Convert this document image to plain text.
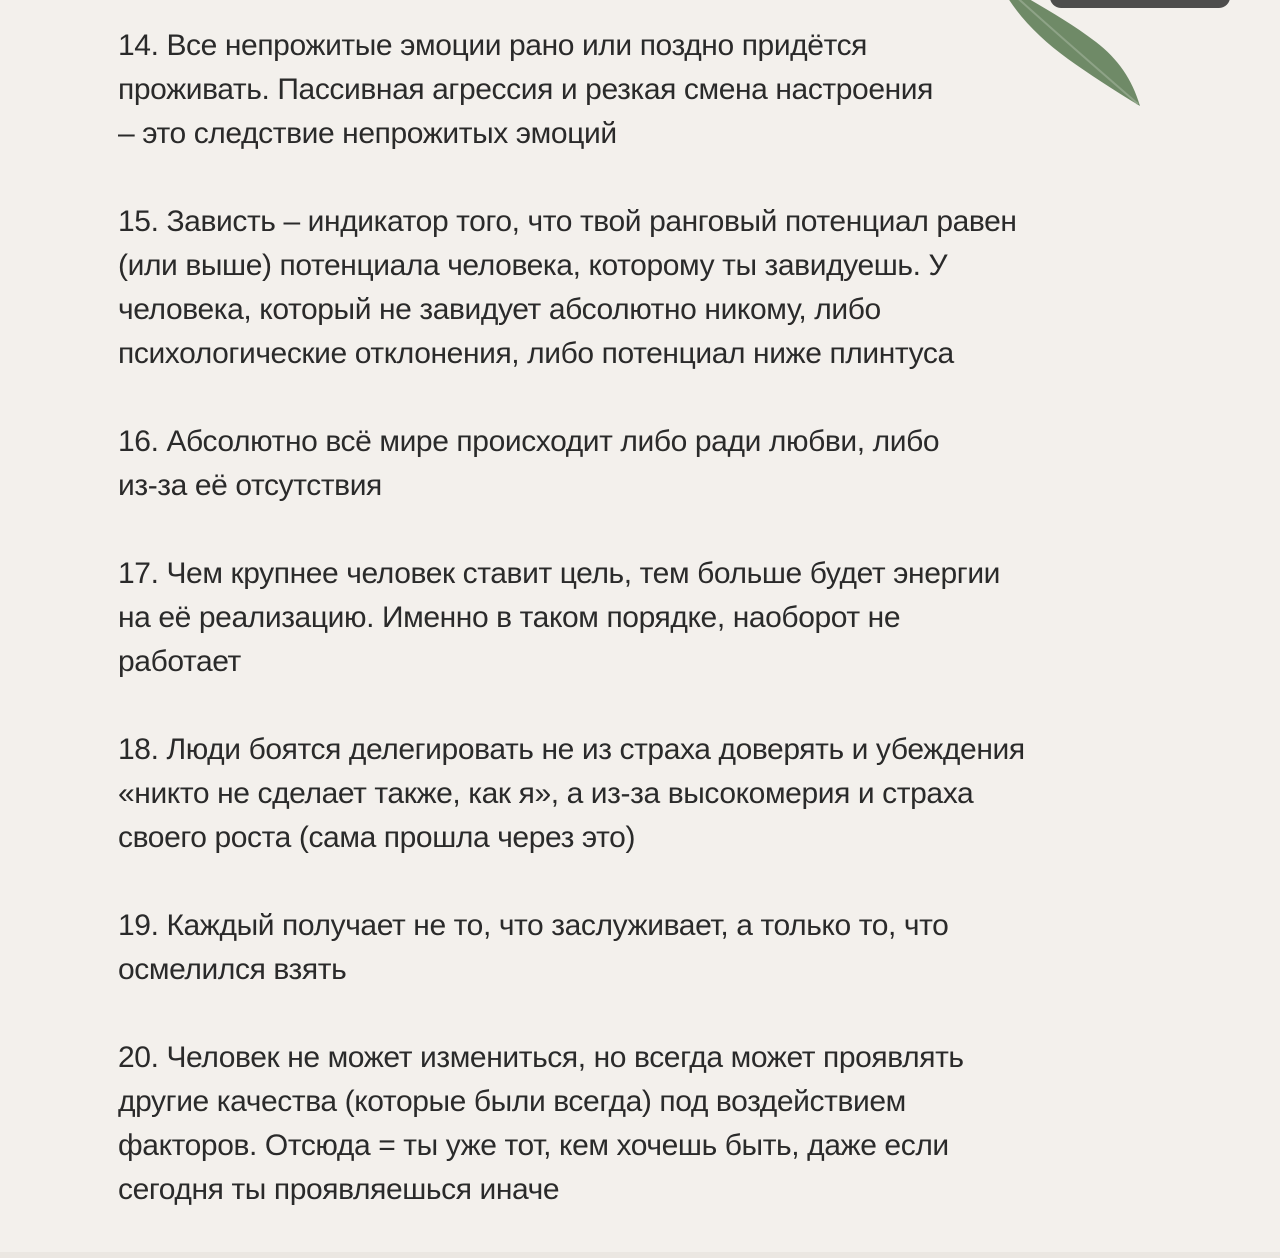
14. Все непрожитые эмоции рано или поздно придётся
проживать. Пассивная агрессия и резкая смена настроения
– это следствие непрожитых эмоций

15. Зависть – индикатор того, что твой ранговый потенциал равен
(или выше) потенциала человека, которому ты завидуешь. У
человека, который не завидует абсолютно никому, либо
психологические отклонения, либо потенциал ниже плинтуса

16. Абсолютно всё мире происходит либо ради любви, либо
из-за её отсутствия

17. Чем крупнее человек ставит цель, тем больше будет энергии
на её реализацию. Именно в таком порядке, наоборот не
работает

18. Люди боятся делегировать не из страха доверять и убеждения
«никто не сделает также, как я», а из-за высокомерия и страха
своего роста (сама прошла через это)

19. Каждый получает не то, что заслуживает, а только то, что
осмелился взять

20. Человек не может измениться, но всегда может проявлять
другие качества (которые были всегда) под воздействием
факторов. Отсюда = ты уже тот, кем хочешь быть, даже если
сегодня ты проявляешься иначе
